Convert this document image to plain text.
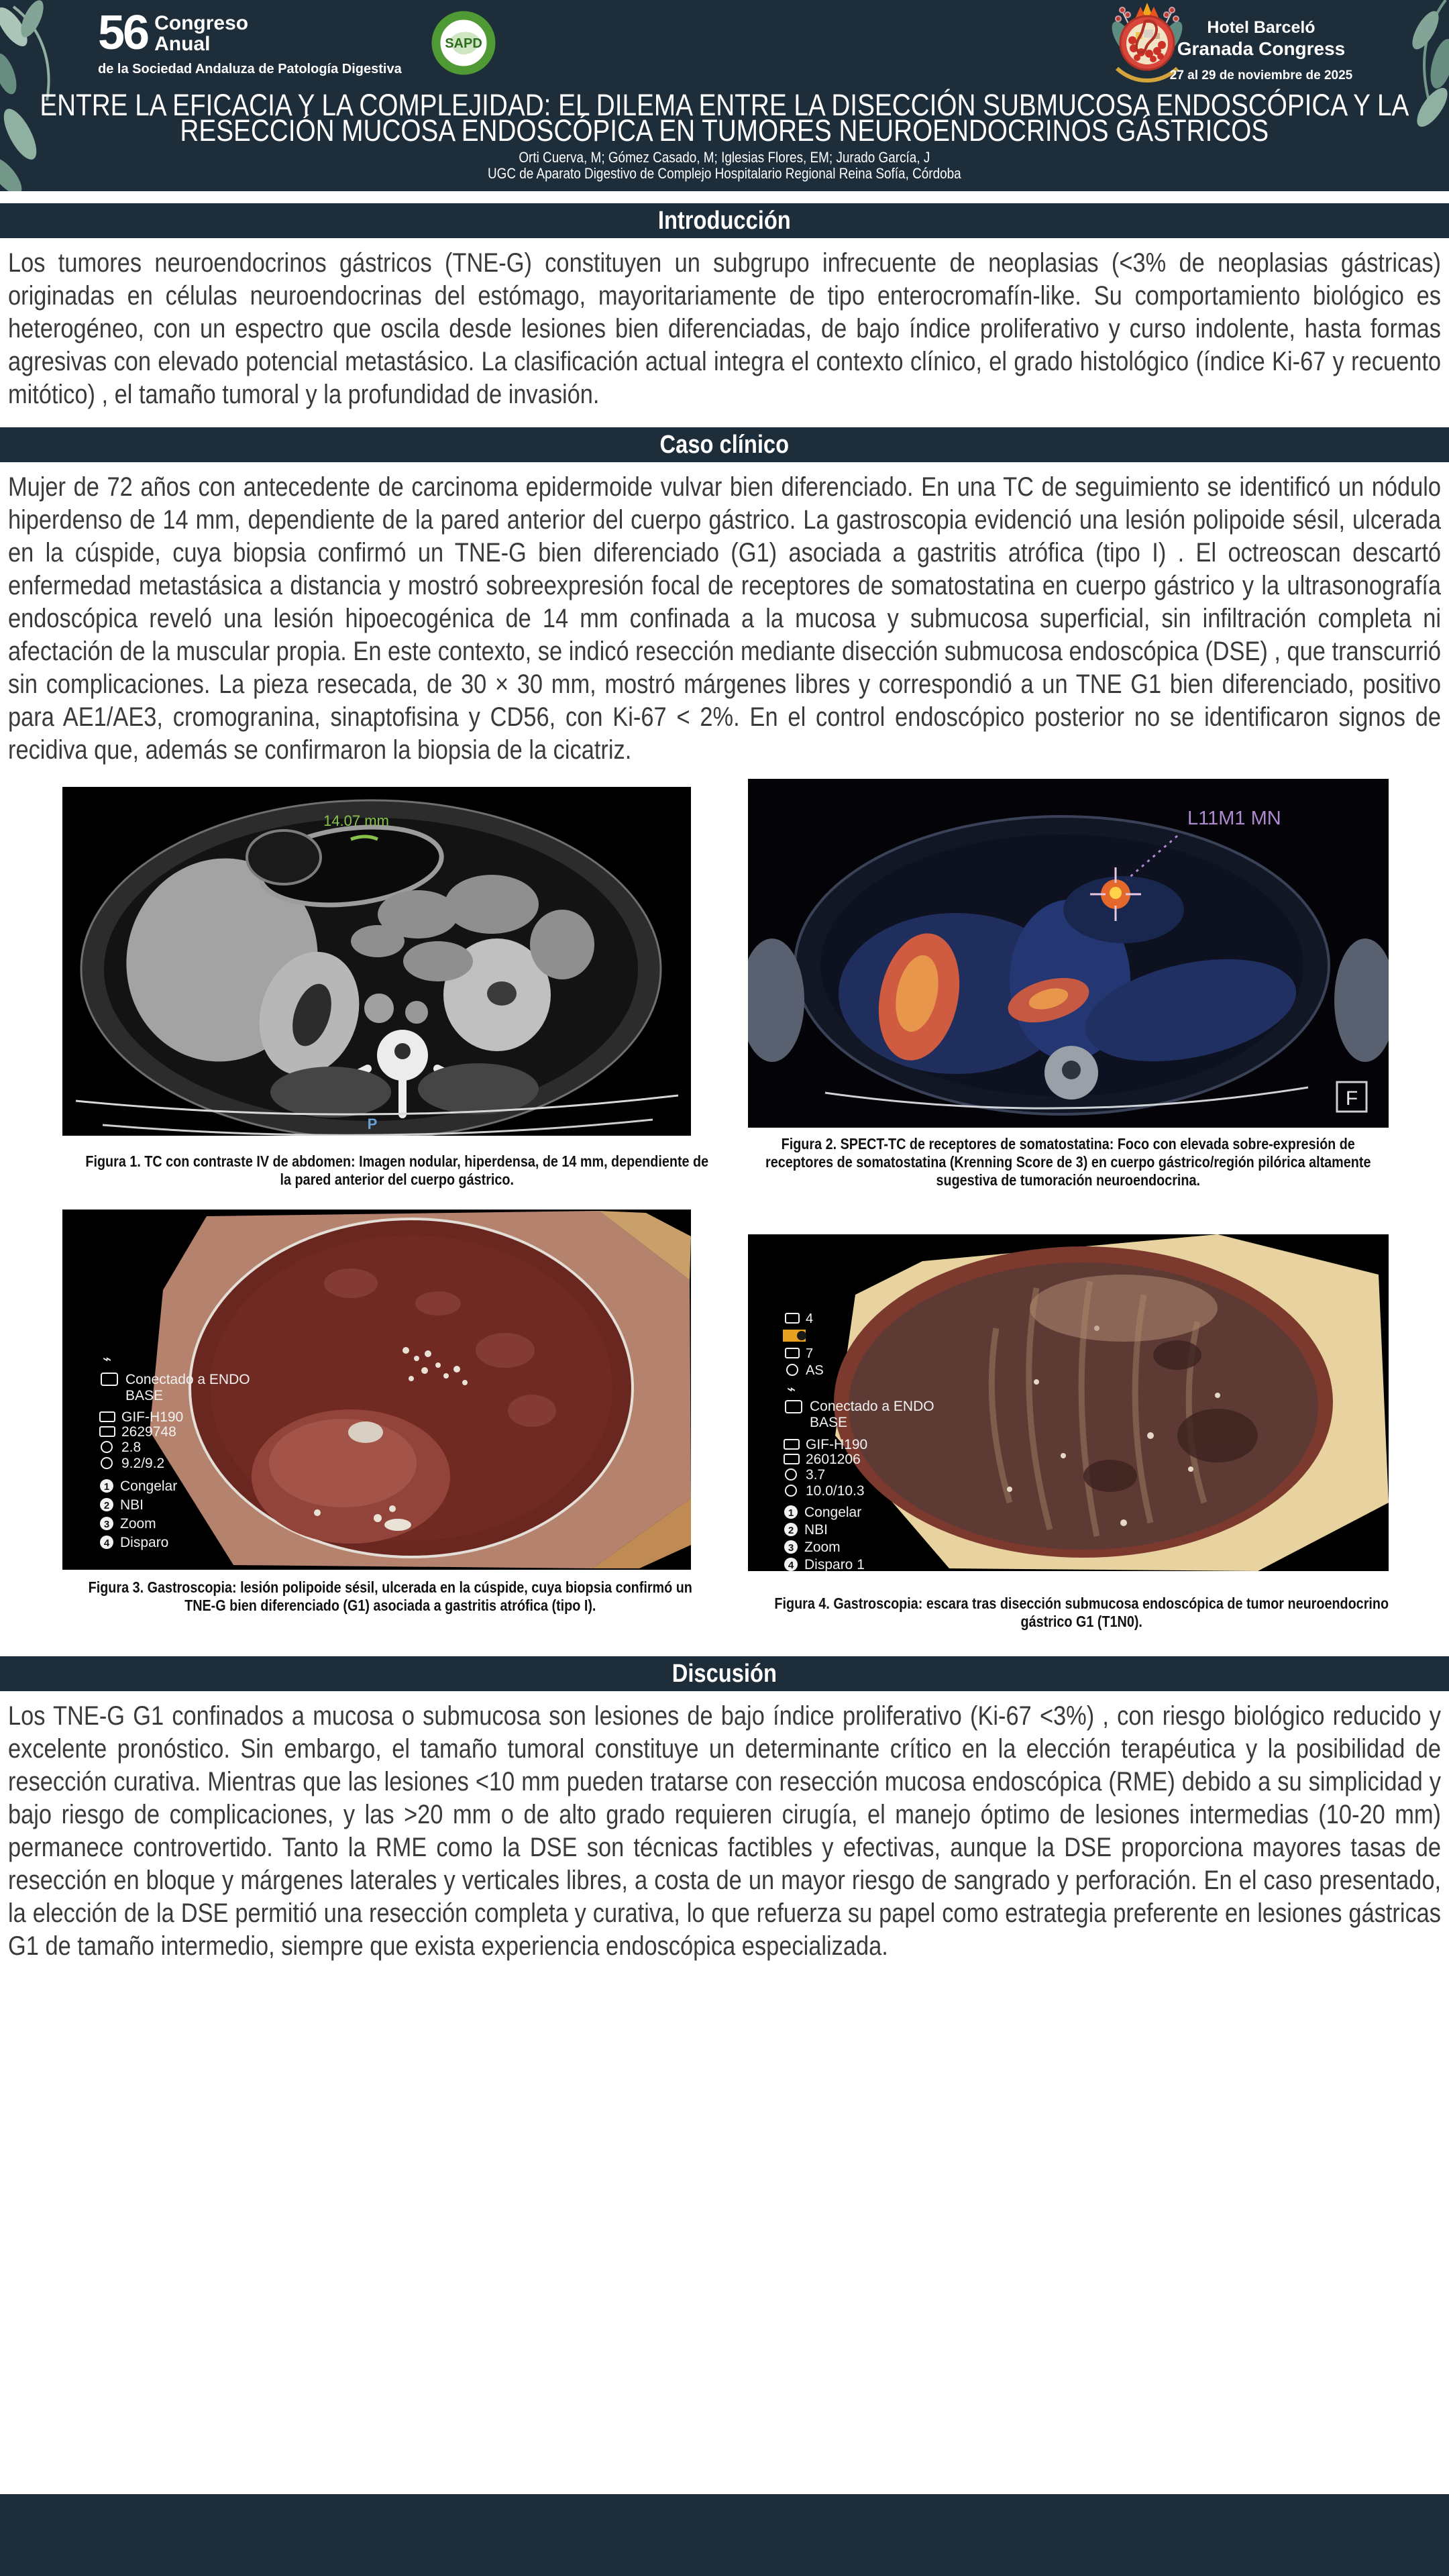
56 Congreso
Anual
de la Sociedad Andaluza de Patología Digestiva
SAPD
Hotel Barceló
Granada Congress
27 al 29 de noviembre de 2025
ENTRE LA EFICACIA Y LA COMPLEJIDAD: EL DILEMA ENTRE LA DISECCIÓN SUBMUCOSA ENDOSCÓPICA Y LA RESECCIÓN MUCOSA ENDOSCÓPICA EN TUMORES NEUROENDOCRINOS GÁSTRICOS
Orti Cuerva, M; Gómez Casado, M; Iglesias Flores, EM; Jurado García, J
UGC de Aparato Digestivo de Complejo Hospitalario Regional Reina Sofía, Córdoba
Introducción
Los tumores neuroendocrinos gástricos (TNE-G) constituyen un subgrupo infrecuente de neoplasias (<3% de neoplasias gástricas) originadas en células neuroendocrinas del estómago, mayoritariamente de tipo enterocromafín-like. Su comportamiento biológico es heterogéneo, con un espectro que oscila desde lesiones bien diferenciadas, de bajo índice proliferativo y curso indolente, hasta formas agresivas con elevado potencial metastásico. La clasificación actual integra el contexto clínico, el grado histológico (índice Ki-67 y recuento mitótico) , el tamaño tumoral y la profundidad de invasión.
Caso clínico
Mujer de 72 años con antecedente de carcinoma epidermoide vulvar bien diferenciado. En una TC de seguimiento se identificó un nódulo hiperdenso de 14 mm, dependiente de la pared anterior del cuerpo gástrico. La gastroscopia evidenció una lesión polipoide sésil, ulcerada en la cúspide, cuya biopsia confirmó un TNE-G bien diferenciado (G1) asociada a gastritis atrófica (tipo I) . El octreoscan descartó enfermedad metastásica a distancia y mostró sobreexpresión focal de receptores de somatostatina en cuerpo gástrico y la ultrasonografía endoscópica reveló una lesión hipoecogénica de 14 mm confinada a la mucosa y submucosa superficial, sin infiltración completa ni afectación de la muscular propia. En este contexto, se indicó resección mediante disección submucosa endoscópica (DSE) , que transcurrió sin complicaciones. La pieza resecada, de 30 × 30 mm, mostró márgenes libres y correspondió a un TNE G1 bien diferenciado, positivo para AE1/AE3, cromogranina, sinaptofisina y CD56, con Ki-67 < 2%. En el control endoscópico posterior no se identificaron signos de recidiva que, además se confirmaron la biopsia de la cicatriz.
14.07 mm
P
Figura 1. TC con contraste IV de abdomen: Imagen nodular, hiperdensa, de 14 mm, dependiente de la pared anterior del cuerpo gástrico.
L11M1 MN
F
Figura 2. SPECT-TC de receptores de somatostatina: Foco con elevada sobre-expresión de receptores de somatostatina (Krenning Score de 3) en cuerpo gástrico/región pilórica altamente sugestiva de tumoración neuroendocrina.
⌁
Conectado a ENDO
BASE
GIF-H190
2629748
2.8
9.2/9.2
1 Congelar
2 NBI
3 Zoom
4 Disparo
Figura 3. Gastroscopia: lesión polipoide sésil, ulcerada en la cúspide, cuya biopsia confirmó un TNE-G bien diferenciado (G1) asociada a gastritis atrófica (tipo I).
4
7
AS
⌁
Conectado a ENDO
BASE
GIF-H190
2601206
3.7
10.0/10.3
1 Congelar
2 NBI
3 Zoom
4 Disparo 1
Figura 4. Gastroscopia: escara tras disección submucosa endoscópica de tumor neuroendocrino gástrico G1 (T1N0).
Discusión
Los TNE-G G1 confinados a mucosa o submucosa son lesiones de bajo índice proliferativo (Ki-67 <3%) , con riesgo biológico reducido y excelente pronóstico. Sin embargo, el tamaño tumoral constituye un determinante crítico en la elección terapéutica y la posibilidad de resección curativa. Mientras que las lesiones <10 mm pueden tratarse con resección mucosa endoscópica (RME) debido a su simplicidad y bajo riesgo de complicaciones, y las >20 mm o de alto grado requieren cirugía, el manejo óptimo de lesiones intermedias (10-20 mm) permanece controvertido. Tanto la RME como la DSE son técnicas factibles y efectivas, aunque la DSE proporciona mayores tasas de resección en bloque y márgenes laterales y verticales libres, a costa de un mayor riesgo de sangrado y perforación. En el caso presentado, la elección de la DSE permitió una resección completa y curativa, lo que refuerza su papel como estrategia preferente en lesiones gástricas G1 de tamaño intermedio, siempre que exista experiencia endoscópica especializada.
